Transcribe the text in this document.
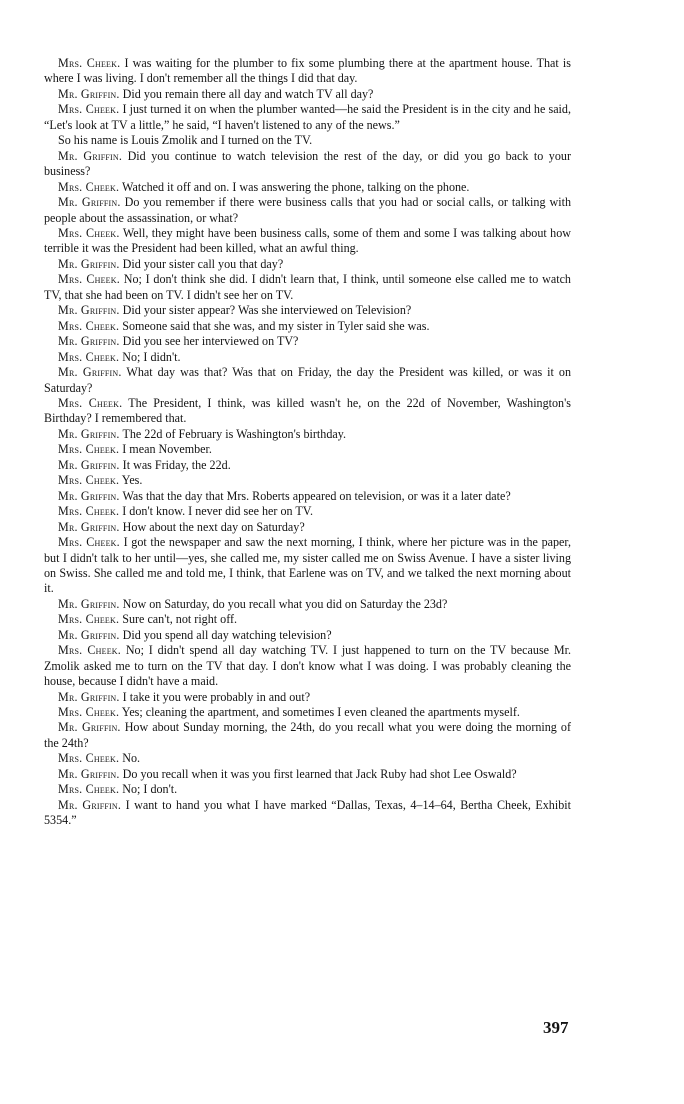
Mrs. Cheek. I was waiting for the plumber to fix some plumbing there at the apartment house. That is where I was living. I don't remember all the things I did that day.

Mr. Griffin. Did you remain there all day and watch TV all day?

Mrs. Cheek. I just turned it on when the plumber wanted—he said the President is in the city and he said, “Let's look at TV a little,” he said, “I haven't listened to any of the news.”

So his name is Louis Zmolik and I turned on the TV.

Mr. Griffin. Did you continue to watch television the rest of the day, or did you go back to your business?

Mrs. Cheek. Watched it off and on. I was answering the phone, talking on the phone.

Mr. Griffin. Do you remember if there were business calls that you had or social calls, or talking with people about the assassination, or what?

Mrs. Cheek. Well, they might have been business calls, some of them and some I was talking about how terrible it was the President had been killed, what an awful thing.

Mr. Griffin. Did your sister call you that day?

Mrs. Cheek. No; I don't think she did. I didn't learn that, I think, until someone else called me to watch TV, that she had been on TV. I didn't see her on TV.

Mr. Griffin. Did your sister appear? Was she interviewed on Television?

Mrs. Cheek. Someone said that she was, and my sister in Tyler said she was.

Mr. Griffin. Did you see her interviewed on TV?

Mrs. Cheek. No; I didn't.

Mr. Griffin. What day was that? Was that on Friday, the day the President was killed, or was it on Saturday?

Mrs. Cheek. The President, I think, was killed wasn't he, on the 22d of November, Washington's Birthday? I remembered that.

Mr. Griffin. The 22d of February is Washington's birthday.

Mrs. Cheek. I mean November.

Mr. Griffin. It was Friday, the 22d.

Mrs. Cheek. Yes.

Mr. Griffin. Was that the day that Mrs. Roberts appeared on television, or was it a later date?

Mrs. Cheek. I don't know. I never did see her on TV.

Mr. Griffin. How about the next day on Saturday?

Mrs. Cheek. I got the newspaper and saw the next morning, I think, where her picture was in the paper, but I didn't talk to her until—yes, she called me, my sister called me on Swiss Avenue. I have a sister living on Swiss. She called me and told me, I think, that Earlene was on TV, and we talked the next morning about it.

Mr. Griffin. Now on Saturday, do you recall what you did on Saturday the 23d?

Mrs. Cheek. Sure can't, not right off.

Mr. Griffin. Did you spend all day watching television?

Mrs. Cheek. No; I didn't spend all day watching TV. I just happened to turn on the TV because Mr. Zmolik asked me to turn on the TV that day. I don't know what I was doing. I was probably cleaning the house, because I didn't have a maid.

Mr. Griffin. I take it you were probably in and out?

Mrs. Cheek. Yes; cleaning the apartment, and sometimes I even cleaned the apartments myself.

Mr. Griffin. How about Sunday morning, the 24th, do you recall what you were doing the morning of the 24th?

Mrs. Cheek. No.

Mr. Griffin. Do you recall when it was you first learned that Jack Ruby had shot Lee Oswald?

Mrs. Cheek. No; I don't.

Mr. Griffin. I want to hand you what I have marked “Dallas, Texas, 4–14–64, Bertha Cheek, Exhibit 5354.”

397
